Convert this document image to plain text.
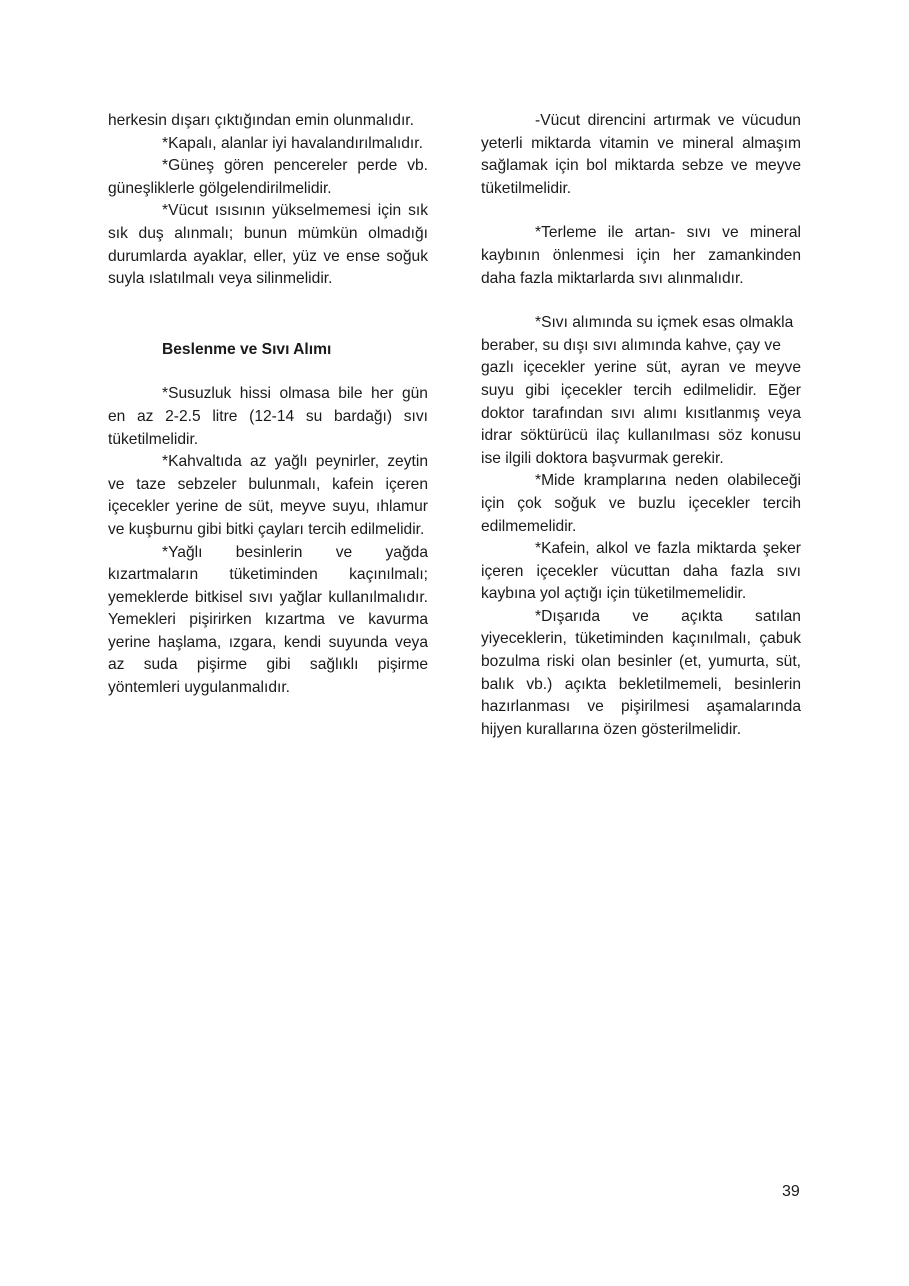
herkesin dışarı çıktığından emin olunmalıdır.

*Kapalı, alanlar iyi havalandırılmalıdır.

*Güneş gören pencereler perde vb. güneşliklerle gölgelendirilmelidir.

*Vücut ısısının yükselmemesi için sık sık duş alınmalı; bunun mümkün olmadığı durumlarda ayaklar, eller, yüz ve ense soğuk suyla ıslatılmalı veya silinmelidir.

Beslenme ve Sıvı Alımı

*Susuzluk hissi olmasa bile her gün en az 2-2.5 litre (12-14 su bardağı) sıvı tüketilmelidir.

*Kahvaltıda az yağlı peynirler, zeytin ve taze sebzeler bulunmalı, kafein içeren içecekler yerine de süt, meyve suyu, ıhlamur ve kuşburnu gibi bitki çayları tercih edilmelidir.

*Yağlı besinlerin ve yağda kızartmaların tüketiminden kaçınılmalı; yemeklerde bitkisel sıvı yağlar kullanılmalıdır. Yemekleri pişirirken kızartma ve kavurma yerine haşlama, ızgara, kendi suyunda veya az suda pişirme gibi sağlıklı pişirme yöntemleri uygulanmalıdır.

-Vücut direncini artırmak ve vücudun yeterli miktarda vitamin ve mineral almaşım sağlamak için bol miktarda sebze ve meyve tüketilmelidir.

*Terleme ile artan- sıvı ve mineral kaybının önlenmesi için her zamankinden daha fazla miktarlarda sıvı alınmalıdır.

*Sıvı alımında su içmek esas olmakla beraber, su dışı sıvı alımında kahve, çay ve

gazlı içecekler yerine süt, ayran ve meyve suyu gibi içecekler tercih edilmelidir. Eğer doktor tarafından sıvı alımı kısıtlanmış veya idrar söktürücü ilaç kullanılması söz konusu ise ilgili doktora başvurmak gerekir.

*Mide kramplarına neden olabileceği için çok soğuk ve buzlu içecekler tercih edilmemelidir.

*Kafein, alkol ve fazla miktarda şeker içeren içecekler vücuttan daha fazla sıvı kaybına yol açtığı için tüketilmemelidir.

*Dışarıda ve açıkta satılan yiyeceklerin, tüketiminden kaçınılmalı, çabuk bozulma riski olan besinler (et, yumurta, süt, balık vb.) açıkta bekletilmemeli, besinlerin hazırlanması ve pişirilmesi aşamalarında hijyen kurallarına özen gösterilmelidir.

39
